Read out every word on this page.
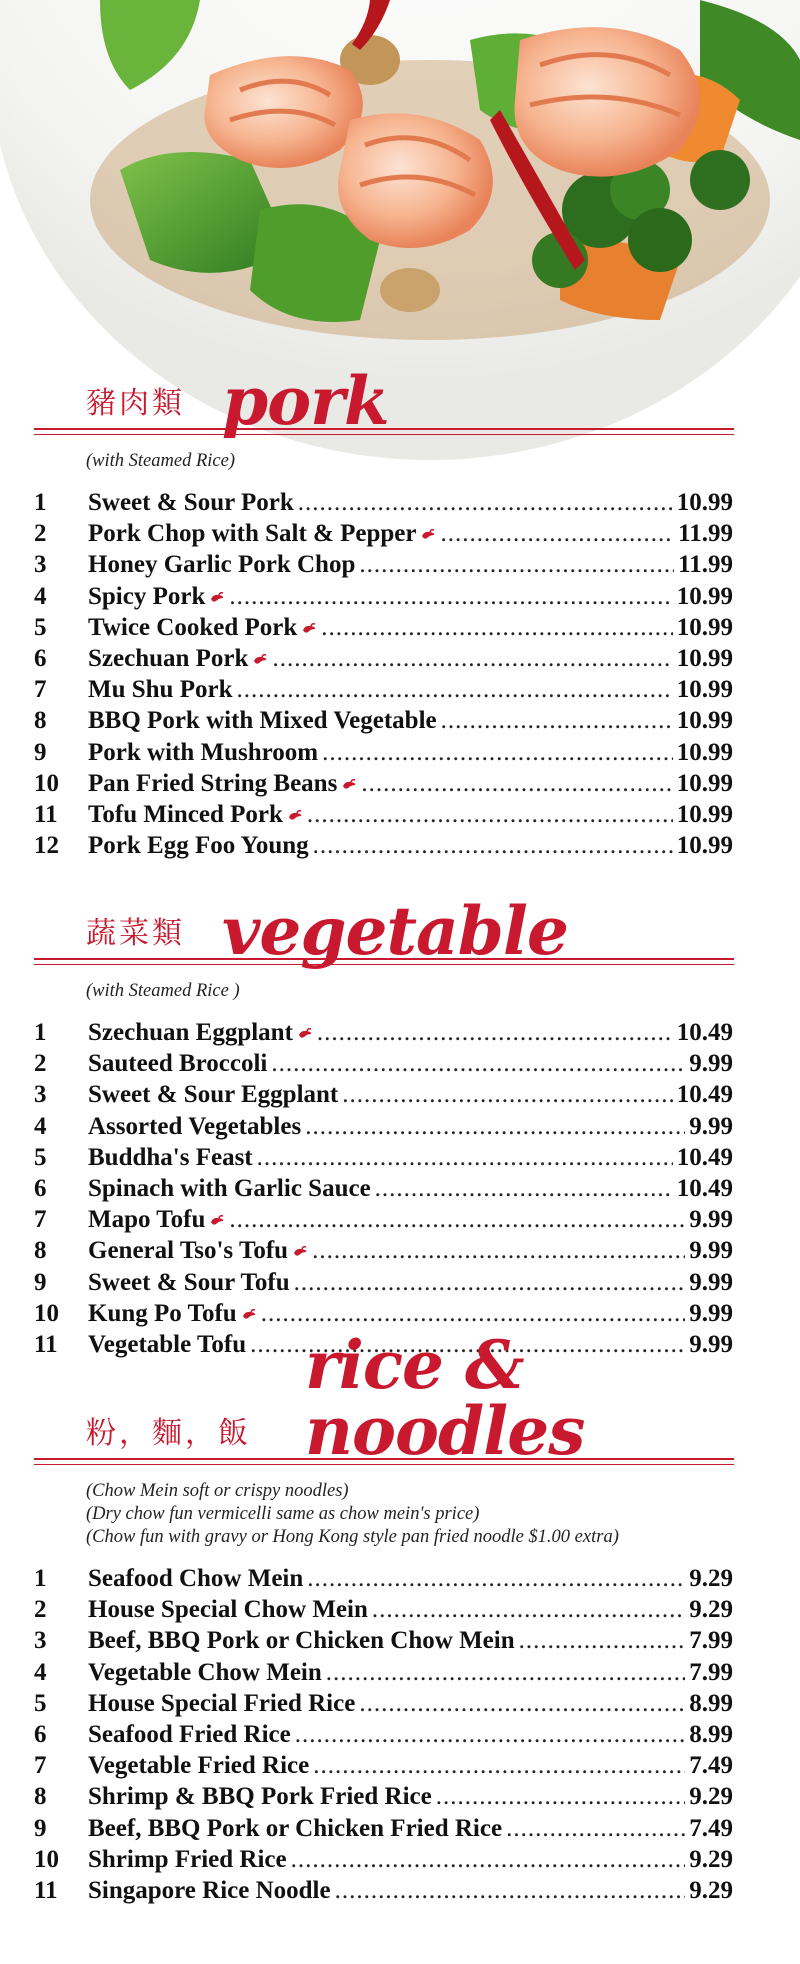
豬肉類 pork
(with Steamed Rice)
1 Sweet & Sour Pork .....	10.99
2 Pork Chop with Salt & Pepper .....	11.99
3 Honey Garlic Pork Chop .....	11.99
4 Spicy Pork .....	10.99
5 Twice Cooked Pork .....	10.99
6 Szechuan Pork .....	10.99
7 Mu Shu Pork .....	10.99
8 BBQ Pork with Mixed Vegetable .....	10.99
9 Pork with Mushroom .....	10.99
10 Pan Fried String Beans .....	10.99
11 Tofu Minced Pork .....	10.99
12 Pork Egg Foo Young .....	10.99
蔬菜類 vegetable
(with Steamed Rice )
1 Szechuan Eggplant .....	10.49
2 Sauteed Broccoli .....	9.99
3 Sweet & Sour Eggplant .....	10.49
4 Assorted Vegetables .....	9.99
5 Buddha's Feast .....	10.49
6 Spinach with Garlic Sauce .....	10.49
7 Mapo Tofu .....	9.99
8 General Tso's Tofu .....	9.99
9 Sweet & Sour Tofu .....	9.99
10 Kung Po Tofu .....	9.99
11 Vegetable Tofu .....	9.99
粉，麵，飯
rice & noodles
(Chow Mein soft or crispy noodles)
(Dry chow fun vermicelli same as chow mein's price)
(Chow fun with gravy or Hong Kong style pan fried noodle $1.00 extra)
1 Seafood Chow Mein .....	9.29
2 House Special Chow Mein .....	9.29
3 Beef, BBQ Pork or Chicken Chow Mein .....	7.99
4 Vegetable Chow Mein .....	7.99
5 House Special Fried Rice .....	8.99
6 Seafood Fried Rice .....	8.99
7 Vegetable Fried Rice .....	7.49
8 Shrimp & BBQ Pork Fried Rice .....	9.29
9 Beef, BBQ Pork or Chicken Fried Rice .....	7.49
10 Shrimp Fried Rice .....	9.29
11 Singapore Rice Noodle .....	9.29
